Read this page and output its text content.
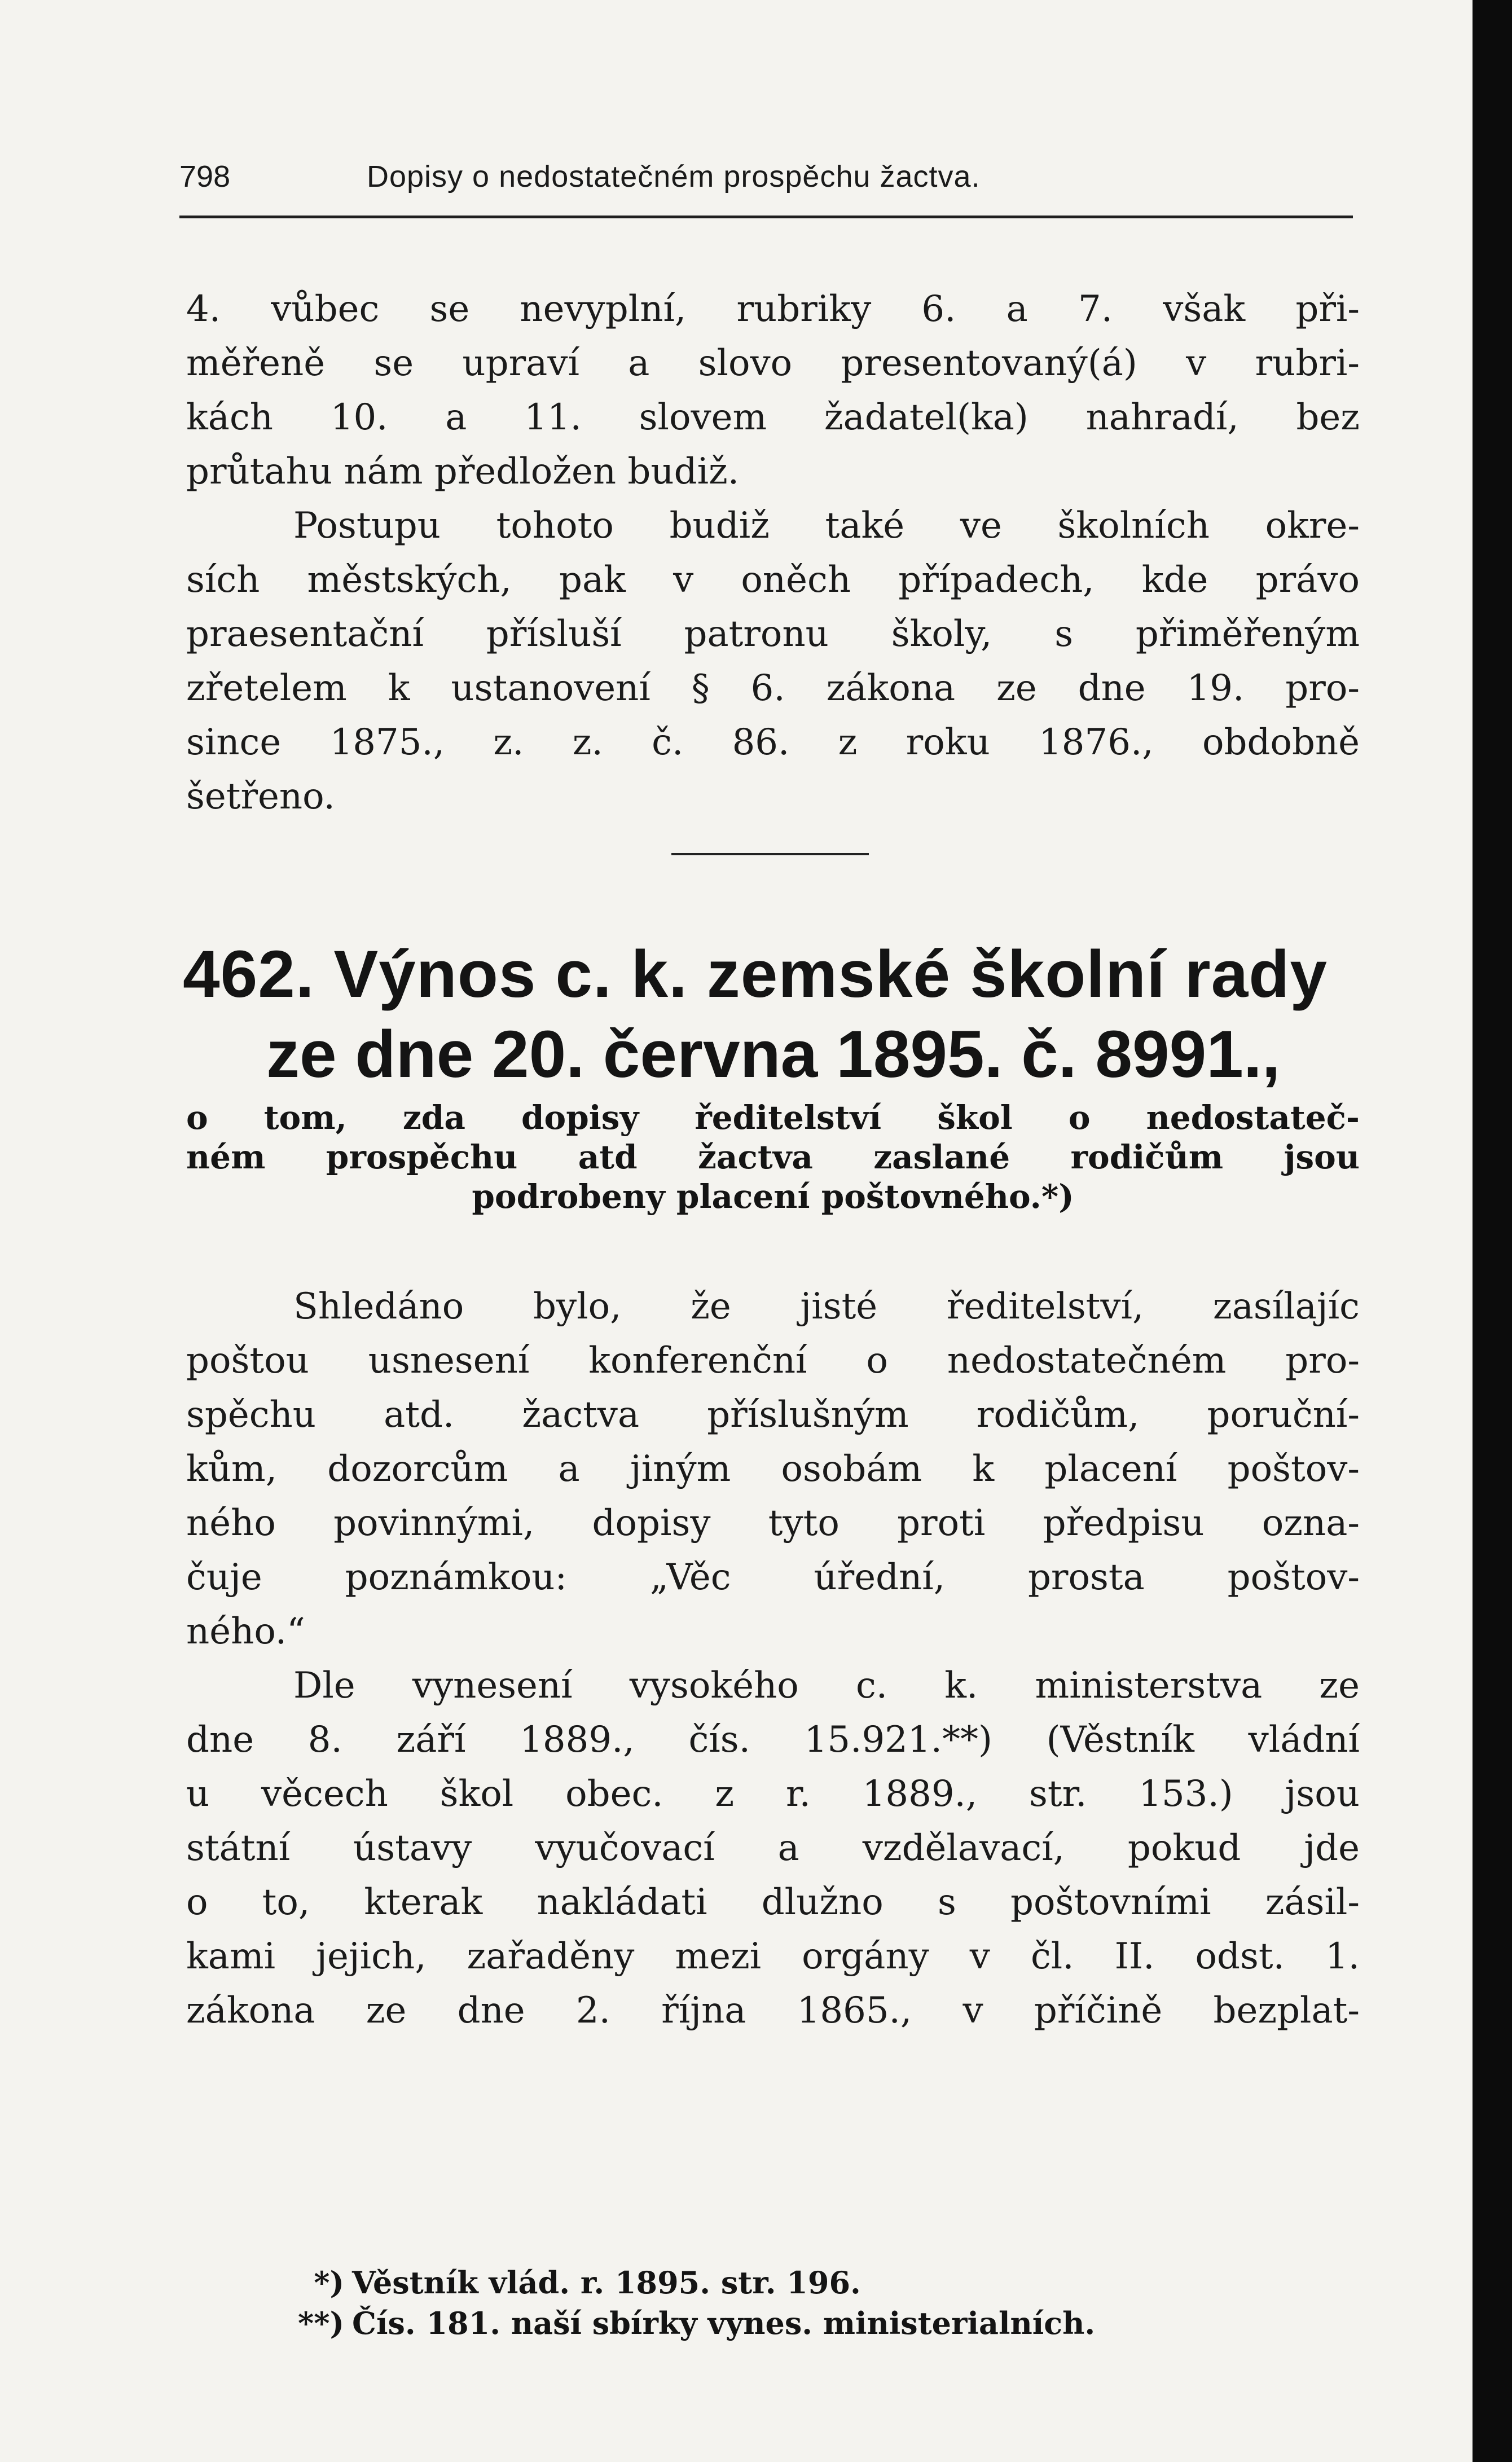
798	Dopisy o nedostatečném prospěchu žactva.
4. vůbec se nevyplní, rubriky 6. a 7. však při-
měřeně se upraví a slovo presentovaný(á) v rubri-
kách 10. a 11. slovem žadatel(ka) nahradí, bez
průtahu nám předložen budiž.
Postupu tohoto budiž také ve školních okre-
sích městských, pak v oněch případech, kde právo
praesentační přísluší patronu školy, s přiměřeným
zřetelem k ustanovení § 6. zákona ze dne 19. pro-
since 1875., z. z. č. 86. z roku 1876., obdobně
šetřeno.
462. Výnos c. k. zemské školní rady
ze dne 20. června 1895. č. 8991.,
o tom, zda dopisy ředitelství škol o nedostateč-
ném prospěchu atd žactva zaslané rodičům jsou
podrobeny placení poštovného.*)
Shledáno bylo, že jisté ředitelství, zasílajíc
poštou usnesení konferenční o nedostatečném pro-
spěchu atd. žactva příslušným rodičům, poruční-
kům, dozorcům a jiným osobám k placení poštov-
ného povinnými, dopisy tyto proti předpisu ozna-
čuje poznámkou: „Věc úřední, prosta poštov-
ného.“
Dle vynesení vysokého c. k. ministerstva ze
dne 8. září 1889., čís. 15.921.**) (Věstník vládní
u věcech škol obec. z r. 1889., str. 153.) jsou
státní ústavy vyučovací a vzdělavací, pokud jde
o to, kterak nakládati dlužno s poštovními zásil-
kami jejich, zařaděny mezi orgány v čl. II. odst. 1.
zákona ze dne 2. října 1865., v příčině bezplat-
*) Věstník vlád. r. 1895. str. 196.
**) Čís. 181. naší sbírky vynes. ministerialních.
